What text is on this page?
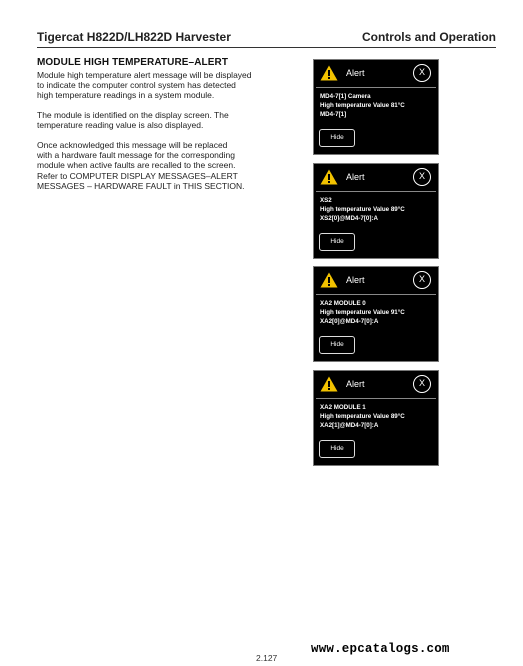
Tigercat H822D/LH822D Harvester	Controls and Operation
MODULE HIGH TEMPERATURE–ALERT
Module high temperature alert message will be displayed
to indicate the computer control system has detected
high temperature readings in a system module.
The module is identified on the display screen. The
temperature reading value is also displayed.
Once acknowledged this message will be replaced
with a hardware fault message for the corresponding
module when active faults are recalled to the screen.
Refer to COMPUTER DISPLAY MESSAGES–ALERT
MESSAGES – HARDWARE FAULT in THIS SECTION.
Alert	X
MD4-7[1] Camera
High temperature Value 81°C
MD4-7[1]
Hide
Alert	X
XS2
High temperature Value 89°C
XS2[0]@MD4-7[0]:A
Hide
Alert	X
XA2 MODULE 0
High temperature Value 91°C
XA2[0]@MD4-7[0]:A
Hide
Alert	X
XA2 MODULE 1
High temperature Value 89°C
XA2[1]@MD4-7[0]:A
Hide
www.epcatalogs.com
2.127
